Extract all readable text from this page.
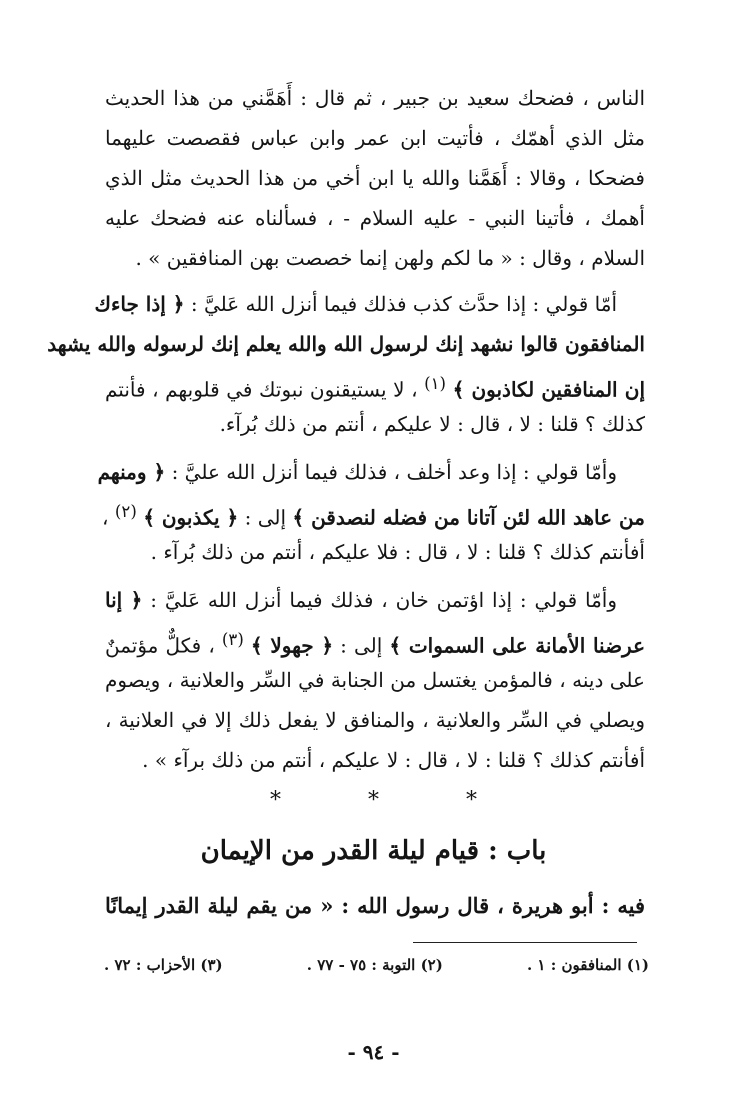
الناس ، فضحك سعيد بن جبير ، ثم قال : أَهَمَّني من هذا الحديث
مثل الذي أهمّك ، فأتيت ابن عمر وابن عباس فقصصت عليهما
فضحكا ، وقالا : أَهَمَّنا والله يا ابن أخي من هذا الحديث مثل الذي
أهمك ، فأتينا النبي - عليه السلام - ، فسألناه عنه فضحك عليه
السلام ، وقال : « ما لكم ولهن إنما خصصت بهن المنافقين » .
أمّا قولي : إذا حدَّث كذب فذلك فيما أنزل الله عَليَّ : ﴿ إذا جاءك
المنافقون قالوا نشهد إنك لرسول الله والله يعلم إنك لرسوله والله يشهد
إن المنافقين لكاذبون ﴾ $^{(١)}$ ، لا يستيقنون نبوتك في قلوبهم ، فأنتم
كذلك ؟ قلنا : لا ، قال : لا عليكم ، أنتم من ذلك بُرآء.
وأمّا قولي : إذا وعد أخلف ، فذلك فيما أنزل الله عليَّ : ﴿ ومنهم
من عاهد الله لئن آتانا من فضله لنصدقن ﴾ إلى : ﴿ يكذبون ﴾ $^{(٢)}$ ،
أفأنتم كذلك ؟ قلنا : لا ، قال : فلا عليكم ، أنتم من ذلك بُرآء .
وأمّا قولي : إذا اؤتمن خان ، فذلك فيما أنزل الله عَليَّ : ﴿ إنا
عرضنا الأمانة على السموات ﴾ إلى : ﴿ جهولا ﴾ $^{(٣)}$ ، فكلٌّ مؤتمنٌ
على دينه ، فالمؤمن يغتسل من الجنابة في السِّر والعلانية ، ويصوم
ويصلي في السِّر والعلانية ، والمنافق لا يفعل ذلك إلا في العلانية ،
أفأنتم كذلك ؟ قلنا : لا ، قال : لا عليكم ، أنتم من ذلك برآء » .
* * *
باب : قيام ليلة القدر من الإيمان
فيه : أبو هريرة ، قال رسول الله : « من يقم ليلة القدر إيمانًا
(١) المنافقون : ١ .
(٢) التوبة : ٧٥ - ٧٧ .
(٣) الأحزاب : ٧٢ .
- ٩٤ -
